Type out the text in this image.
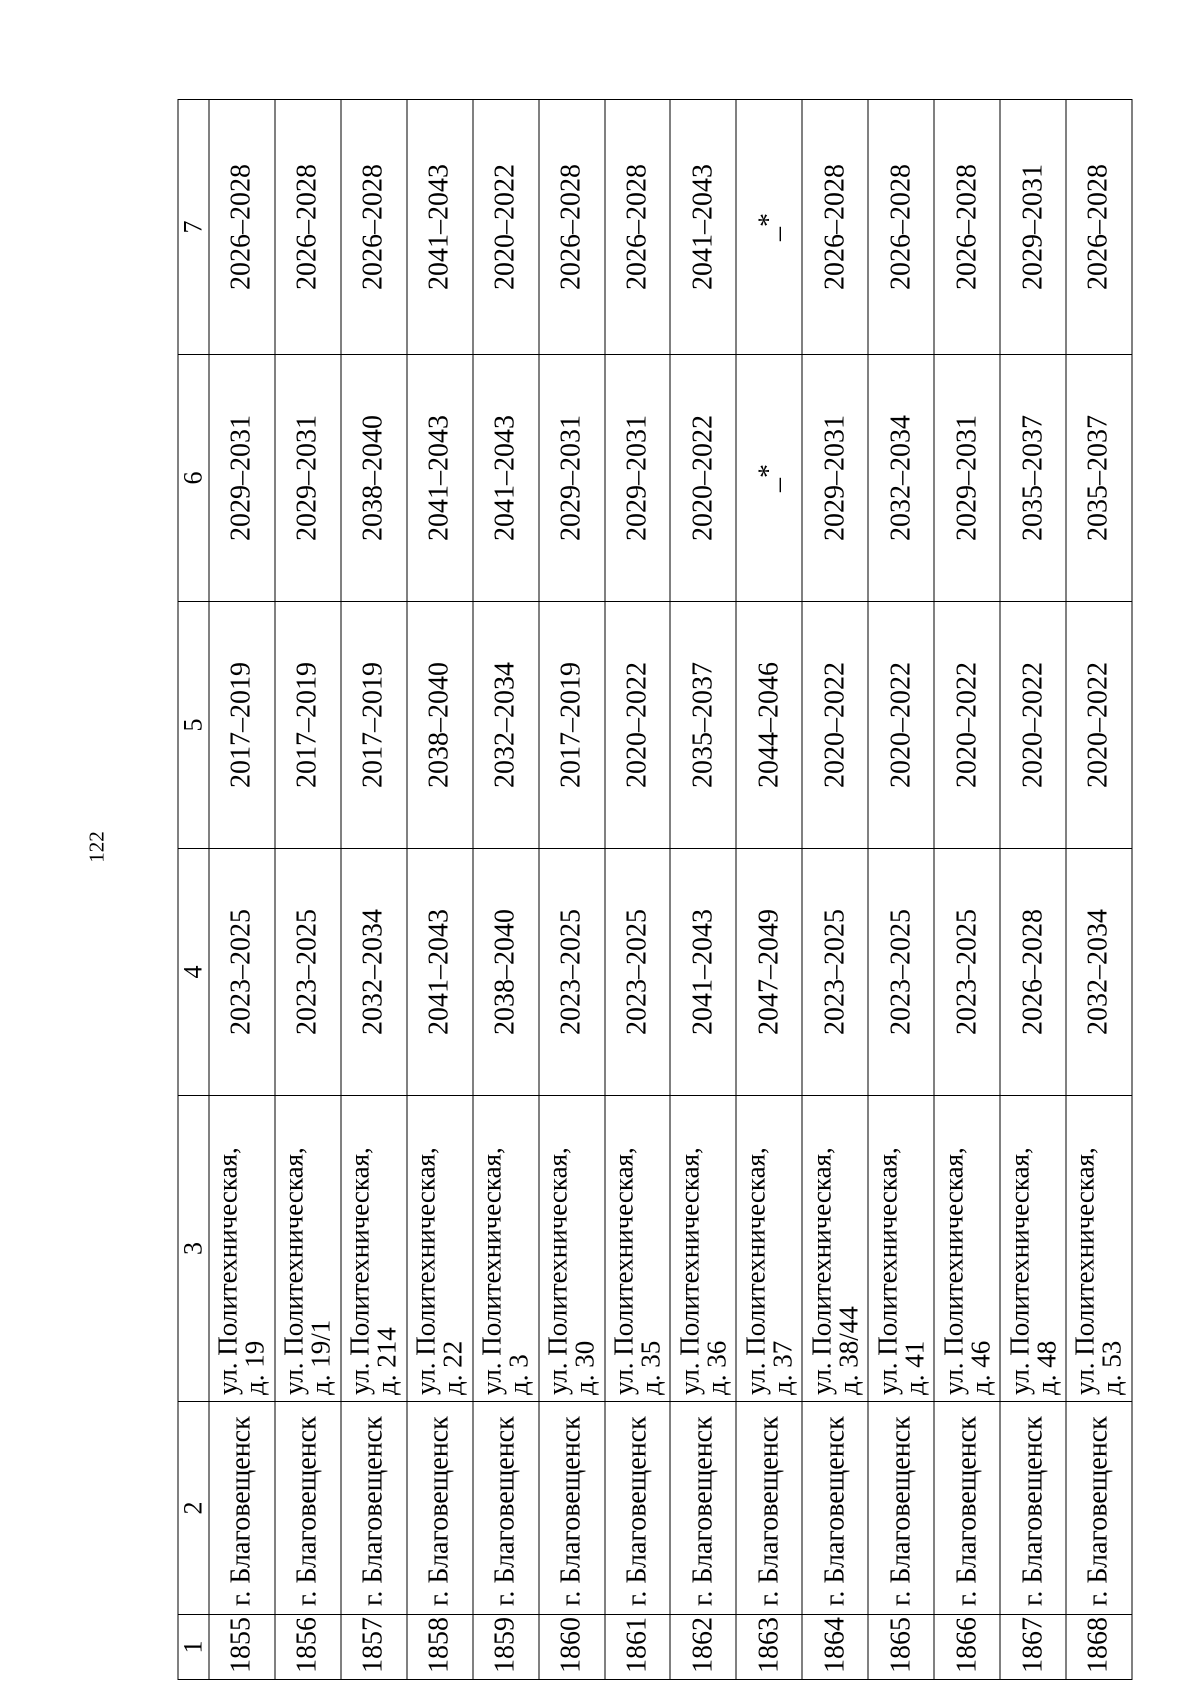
122
1	2	3	4	5	6	7
1855	г. Благовещенск	ул. Политехническая,
д. 19	2023–2025	2017–2019	2029–2031	2026–2028
1856	г. Благовещенск	ул. Политехническая,
д. 19/1	2023–2025	2017–2019	2029–2031	2026–2028
1857	г. Благовещенск	ул. Политехническая,
д. 214	2032–2034	2017–2019	2038–2040	2026–2028
1858	г. Благовещенск	ул. Политехническая,
д. 22	2041–2043	2038–2040	2041–2043	2041–2043
1859	г. Благовещенск	ул. Политехническая,
д. 3	2038–2040	2032–2034	2041–2043	2020–2022
1860	г. Благовещенск	ул. Политехническая,
д. 30	2023–2025	2017–2019	2029–2031	2026–2028
1861	г. Благовещенск	ул. Политехническая,
д. 35	2023–2025	2020–2022	2029–2031	2026–2028
1862	г. Благовещенск	ул. Политехническая,
д. 36	2041–2043	2035–2037	2020–2022	2041–2043
1863	г. Благовещенск	ул. Политехническая,
д. 37	2047–2049	2044–2046	_*	_*
1864	г. Благовещенск	ул. Политехническая,
д. 38/44	2023–2025	2020–2022	2029–2031	2026–2028
1865	г. Благовещенск	ул. Политехническая,
д. 41	2023–2025	2020–2022	2032–2034	2026–2028
1866	г. Благовещенск	ул. Политехническая,
д. 46	2023–2025	2020–2022	2029–2031	2026–2028
1867	г. Благовещенск	ул. Политехническая,
д. 48	2026–2028	2020–2022	2035–2037	2029–2031
1868	г. Благовещенск	ул. Политехническая,
д. 53	2032–2034	2020–2022	2035–2037	2026–2028
